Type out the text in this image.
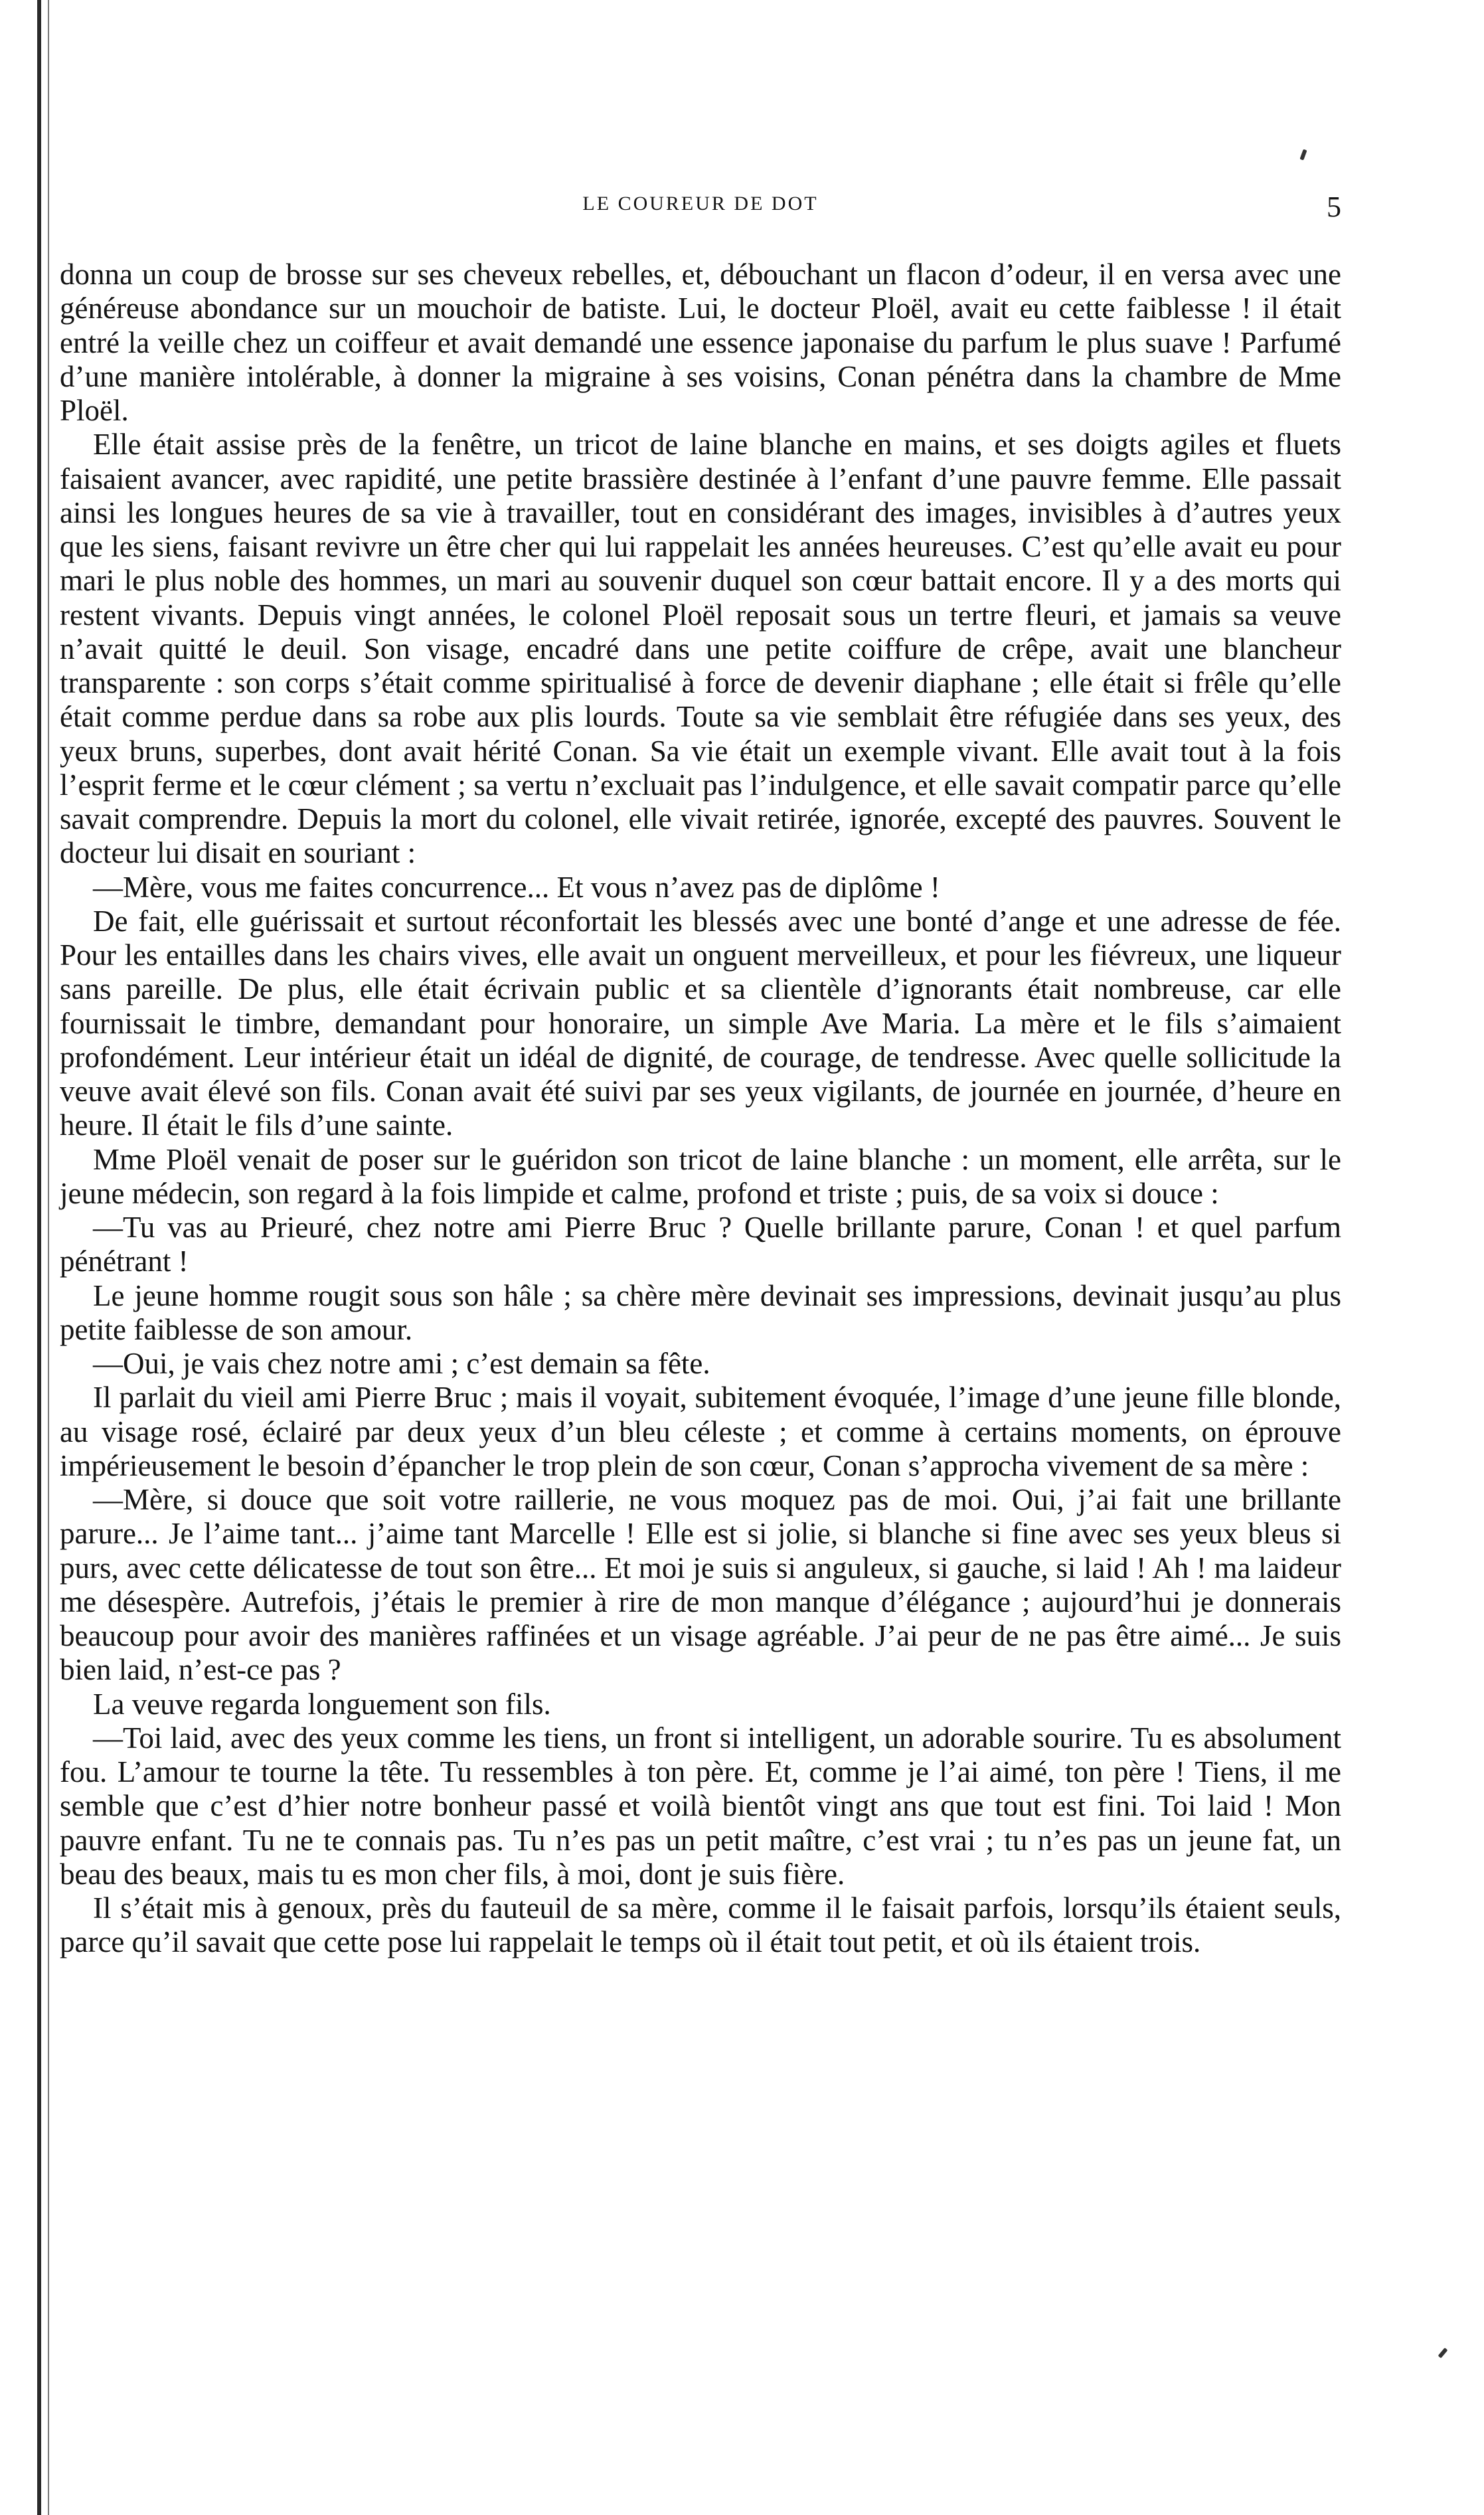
LE COUREUR DE DOT	5

donna un coup de brosse sur ses cheveux rebelles, et, débouchant un flacon d’odeur, il en versa avec une généreuse abondance sur un mouchoir de batiste. Lui, le docteur Ploël, avait eu cette faiblesse ! il était entré la veille chez un coiffeur et avait demandé une essence japonaise du parfum le plus suave ! Parfumé d’une manière intolérable, à donner la migraine à ses voisins, Conan pénétra dans la chambre de Mme Ploël.

Elle était assise près de la fenêtre, un tricot de laine blanche en mains, et ses doigts agiles et fluets faisaient avancer, avec rapidité, une petite brassière destinée à l’enfant d’une pauvre femme. Elle passait ainsi les longues heures de sa vie à travailler, tout en considérant des images, invisibles à d’autres yeux que les siens, faisant revivre un être cher qui lui rappelait les années heureuses. C’est qu’elle avait eu pour mari le plus noble des hommes, un mari au souvenir duquel son cœur battait encore. Il y a des morts qui restent vivants. Depuis vingt années, le colonel Ploël reposait sous un tertre fleuri, et jamais sa veuve n’avait quitté le deuil. Son visage, encadré dans une petite coiffure de crêpe, avait une blancheur transparente : son corps s’était comme spiritualisé à force de devenir diaphane ; elle était si frêle qu’elle était comme perdue dans sa robe aux plis lourds. Toute sa vie semblait être réfugiée dans ses yeux, des yeux bruns, superbes, dont avait hérité Conan. Sa vie était un exemple vivant. Elle avait tout à la fois l’esprit ferme et le cœur clément ; sa vertu n’excluait pas l’indulgence, et elle savait compatir parce qu’elle savait comprendre. Depuis la mort du colonel, elle vivait retirée, ignorée, excepté des pauvres. Souvent le docteur lui disait en souriant :

—Mère, vous me faites concurrence... Et vous n’avez pas de diplôme !

De fait, elle guérissait et surtout réconfortait les blessés avec une bonté d’ange et une adresse de fée. Pour les entailles dans les chairs vives, elle avait un onguent merveilleux, et pour les fiévreux, une liqueur sans pareille. De plus, elle était écrivain public et sa clientèle d’ignorants était nombreuse, car elle fournissait le timbre, demandant pour honoraire, un simple Ave Maria. La mère et le fils s’aimaient profondément. Leur intérieur était un idéal de dignité, de courage, de tendresse. Avec quelle sollicitude la veuve avait élevé son fils. Conan avait été suivi par ses yeux vigilants, de journée en journée, d’heure en heure. Il était le fils d’une sainte.

Mme Ploël venait de poser sur le guéridon son tricot de laine blanche : un moment, elle arrêta, sur le jeune médecin, son regard à la fois limpide et calme, profond et triste ; puis, de sa voix si douce :

—Tu vas au Prieuré, chez notre ami Pierre Bruc ? Quelle brillante parure, Conan ! et quel parfum pénétrant !

Le jeune homme rougit sous son hâle ; sa chère mère devinait ses impressions, devinait jusqu’au plus petite faiblesse de son amour.

—Oui, je vais chez notre ami ; c’est demain sa fête.

Il parlait du vieil ami Pierre Bruc ; mais il voyait, subitement évoquée, l’image d’une jeune fille blonde, au visage rosé, éclairé par deux yeux d’un bleu céleste ; et comme à certains moments, on éprouve impérieusement le besoin d’épancher le trop plein de son cœur, Conan s’approcha vivement de sa mère :

—Mère, si douce que soit votre raillerie, ne vous moquez pas de moi. Oui, j’ai fait une brillante parure... Je l’aime tant... j’aime tant Marcelle ! Elle est si jolie, si blanche si fine avec ses yeux bleus si purs, avec cette délicatesse de tout son être... Et moi je suis si anguleux, si gauche, si laid ! Ah ! ma laideur me désespère. Autrefois, j’étais le premier à rire de mon manque d’élégance ; aujourd’hui je donnerais beaucoup pour avoir des manières raffinées et un visage agréable. J’ai peur de ne pas être aimé... Je suis bien laid, n’est-ce pas ?

La veuve regarda longuement son fils.

—Toi laid, avec des yeux comme les tiens, un front si intelligent, un adorable sourire. Tu es absolument fou. L’amour te tourne la tête. Tu ressembles à ton père. Et, comme je l’ai aimé, ton père ! Tiens, il me semble que c’est d’hier notre bonheur passé et voilà bientôt vingt ans que tout est fini. Toi laid ! Mon pauvre enfant. Tu ne te connais pas. Tu n’es pas un petit maître, c’est vrai ; tu n’es pas un jeune fat, un beau des beaux, mais tu es mon cher fils, à moi, dont je suis fière.

Il s’était mis à genoux, près du fauteuil de sa mère, comme il le faisait parfois, lorsqu’ils étaient seuls, parce qu’il savait que cette pose lui rappelait le temps où il était tout petit, et où ils étaient trois.
